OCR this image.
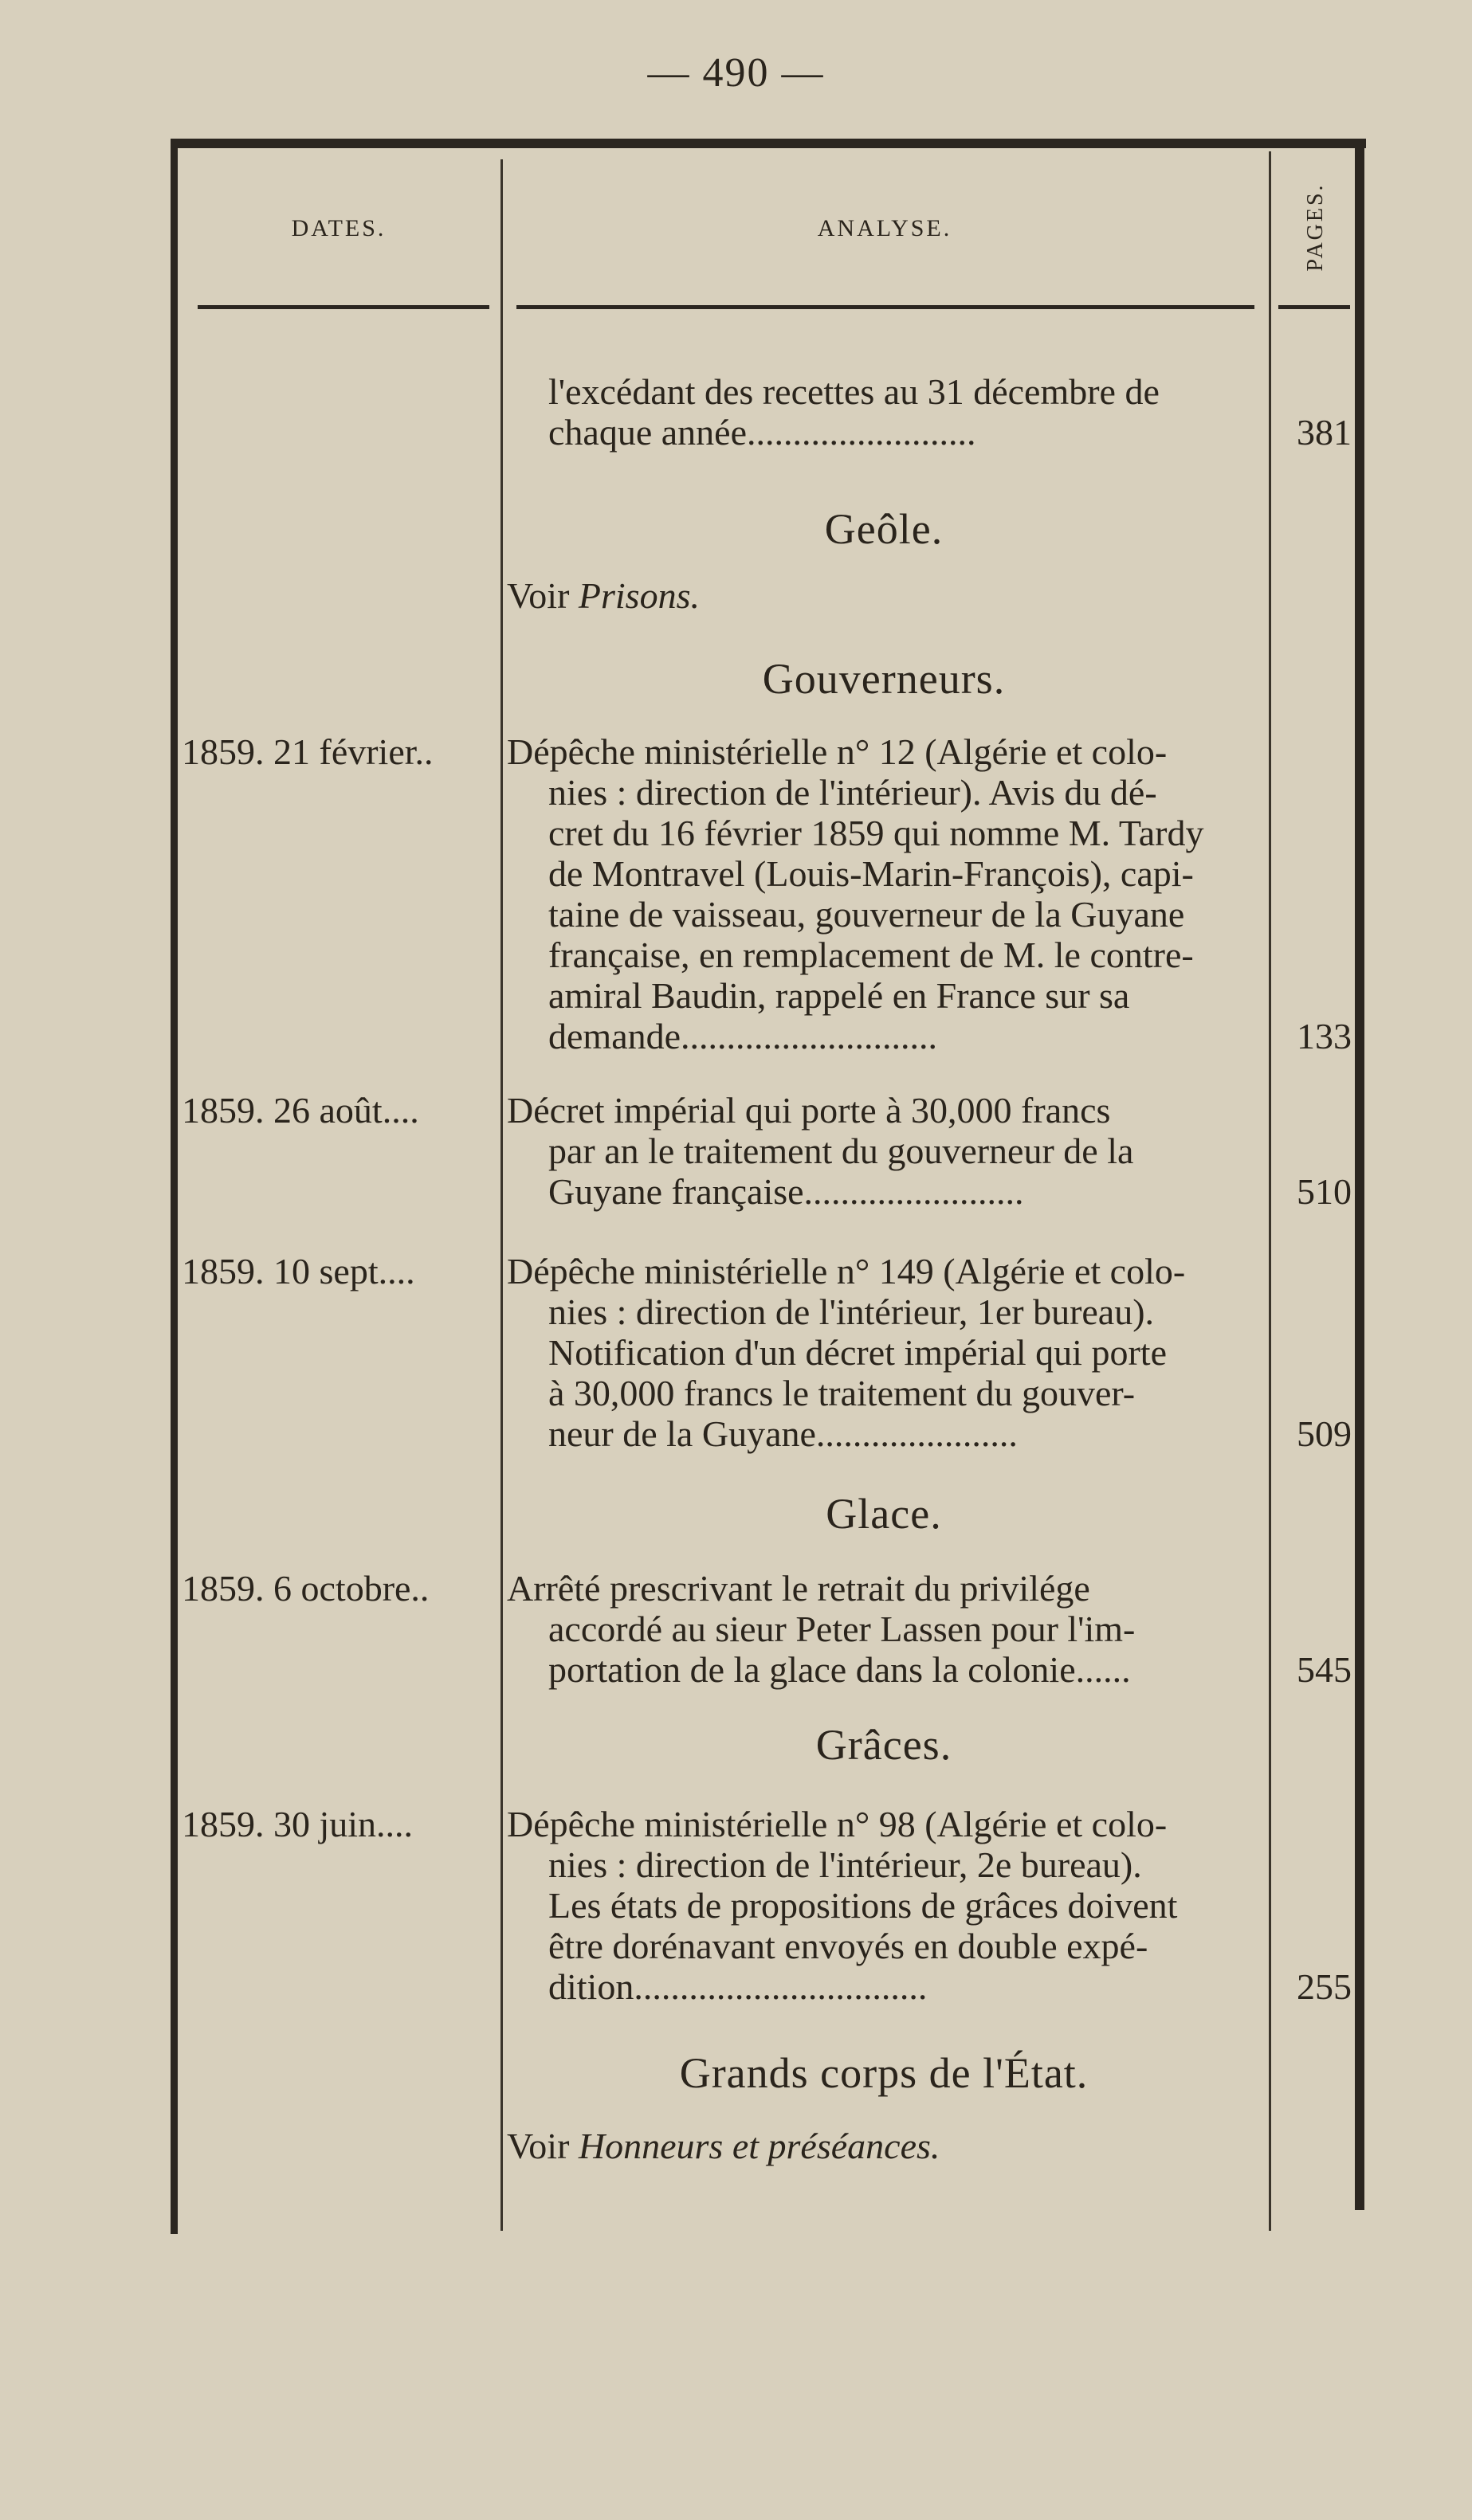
— 490 —
DATES.	ANALYSE.	PAGES.
l'excédant des recettes au 31 décembre de
chaque année.........................	381
Geôle.
Voir Prisons.
Gouverneurs.
1859. 21 février.. Dépêche ministérielle n° 12 (Algérie et colo-
nies : direction de l'intérieur). Avis du dé-
cret du 16 février 1859 qui nomme M. Tardy
de Montravel (Louis-Marin-François), capi-
taine de vaisseau, gouverneur de la Guyane
française, en remplacement de M. le contre-
amiral Baudin, rappelé en France sur sa
demande............................	133
1859. 26 août.... Décret impérial qui porte à 30,000 francs
par an le traitement du gouverneur de la
Guyane française........................	510
1859. 10 sept....	Dépêche ministérielle n° 149 (Algérie et colo-
nies : direction de l'intérieur, 1er bureau).
Notification d'un décret impérial qui porte
à 30,000 francs le traitement du gouver-
neur de la Guyane......................	509
Glace.
1859. 6 octobre.. Arrêté prescrivant le retrait du privilége
accordé au sieur Peter Lassen pour l'im-
portation de la glace dans la colonie......	545
Grâces.
1859. 30 juin....	Dépêche ministérielle n° 98 (Algérie et colo-
nies : direction de l'intérieur, 2e bureau).
Les états de propositions de grâces doivent
être dorénavant envoyés en double expé-
dition................................	255
Grands corps de l'État.
Voir Honneurs et préséances.
